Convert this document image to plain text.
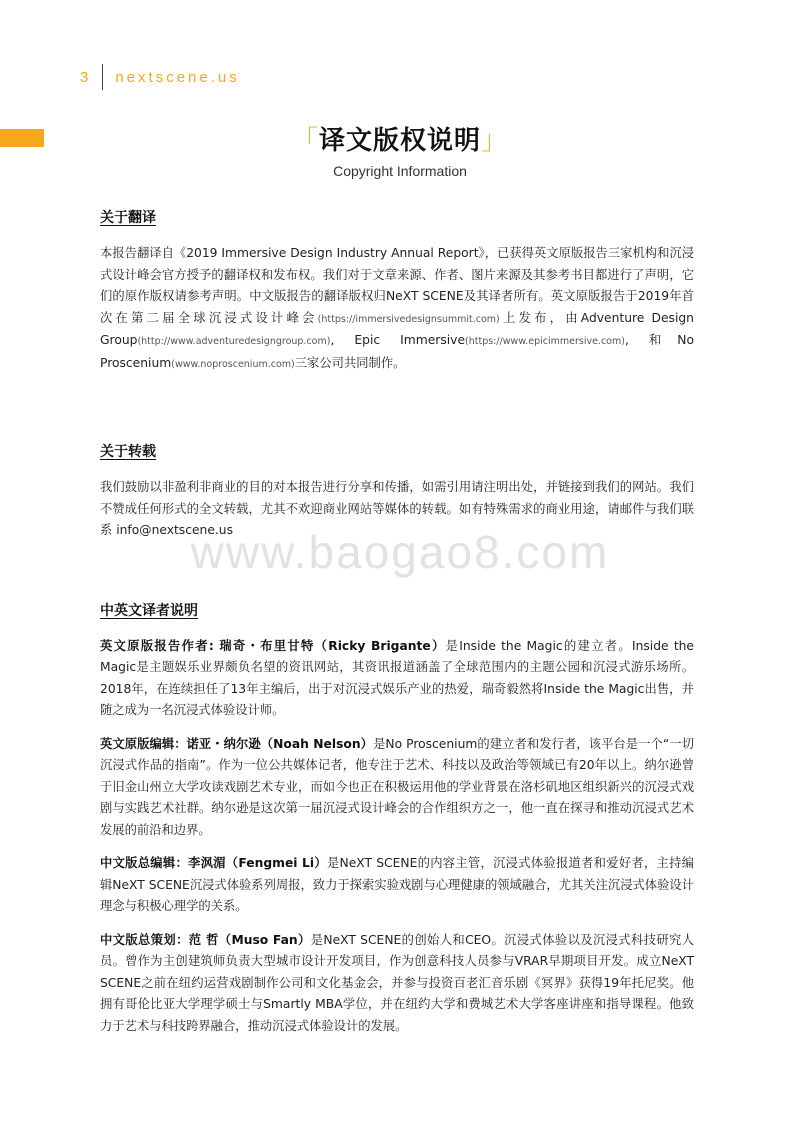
3 nextscene.us
「译文版权说明」
Copyright Information
www.baogao8.com
关于翻译

本报告翻译自《2019 Immersive Design Industry Annual Report》，已获得英文原版报告三家机构和沉浸式设计峰会官方授予的翻译权和发布权。我们对于文章来源、作者、图片来源及其参考书目都进行了声明，它们的原作版权请参考声明。中文版报告的翻译版权归NeXT SCENE及其译者所有。英文原版报告于2019年首次在第二届全球沉浸式设计峰会(https://immersivedesignsummit.com)上发布，由Adventure Design Group(http://www.adventuredesigngroup.com), Epic Immersive(https://www.epicimmersive.com), 和No Proscenium(www.noproscenium.com)三家公司共同制作。

关于转载

我们鼓励以非盈利非商业的目的对本报告进行分享和传播，如需引用请注明出处，并链接到我们的网站。我们不赞成任何形式的全文转载，尤其不欢迎商业网站等媒体的转载。如有特殊需求的商业用途，请邮件与我们联系 info@nextscene.us

中英文译者说明

英文原版报告作者: 瑞奇・布里甘特（Ricky Brigante）是Inside the Magic的建立者。Inside the Magic是主题娱乐业界颇负名望的资讯网站，其资讯报道涵盖了全球范围内的主题公园和沉浸式游乐场所。2018年，在连续担任了13年主编后，出于对沉浸式娱乐产业的热爱，瑞奇毅然将Inside the Magic出售，并随之成为一名沉浸式体验设计师。

英文原版编辑：诺亚・纳尔逊（Noah Nelson）是No Proscenium的建立者和发行者，该平台是一个“一切沉浸式作品的指南”。作为一位公共媒体记者，他专注于艺术、科技以及政治等领域已有20年以上。纳尔逊曾于旧金山州立大学攻读戏剧艺术专业，而如今也正在积极运用他的学业背景在洛杉矶地区组织新兴的沉浸式戏剧与实践艺术社群。纳尔逊是这次第一届沉浸式设计峰会的合作组织方之一，他一直在探寻和推动沉浸式艺术发展的前沿和边界。

中文版总编辑：李沨湄（Fengmei Li）是NeXT SCENE的内容主管，沉浸式体验报道者和爱好者，主持编辑NeXT SCENE沉浸式体验系列周报，致力于探索实验戏剧与心理健康的领域融合，尤其关注沉浸式体验设计理念与积极心理学的关系。

中文版总策划：范 哲（Muso Fan）是NeXT SCENE的创始人和CEO。沉浸式体验以及沉浸式科技研究人员。曾作为主创建筑师负责大型城市设计开发项目，作为创意科技人员参与VRAR早期项目开发。成立NeXT SCENE之前在纽约运营戏剧制作公司和文化基金会，并参与投资百老汇音乐剧《冥界》获得19年托尼奖。他拥有哥伦比亚大学理学硕士与Smartly MBA学位，并在纽约大学和费城艺术大学客座讲座和指导课程。他致力于艺术与科技跨界融合，推动沉浸式体验设计的发展。
